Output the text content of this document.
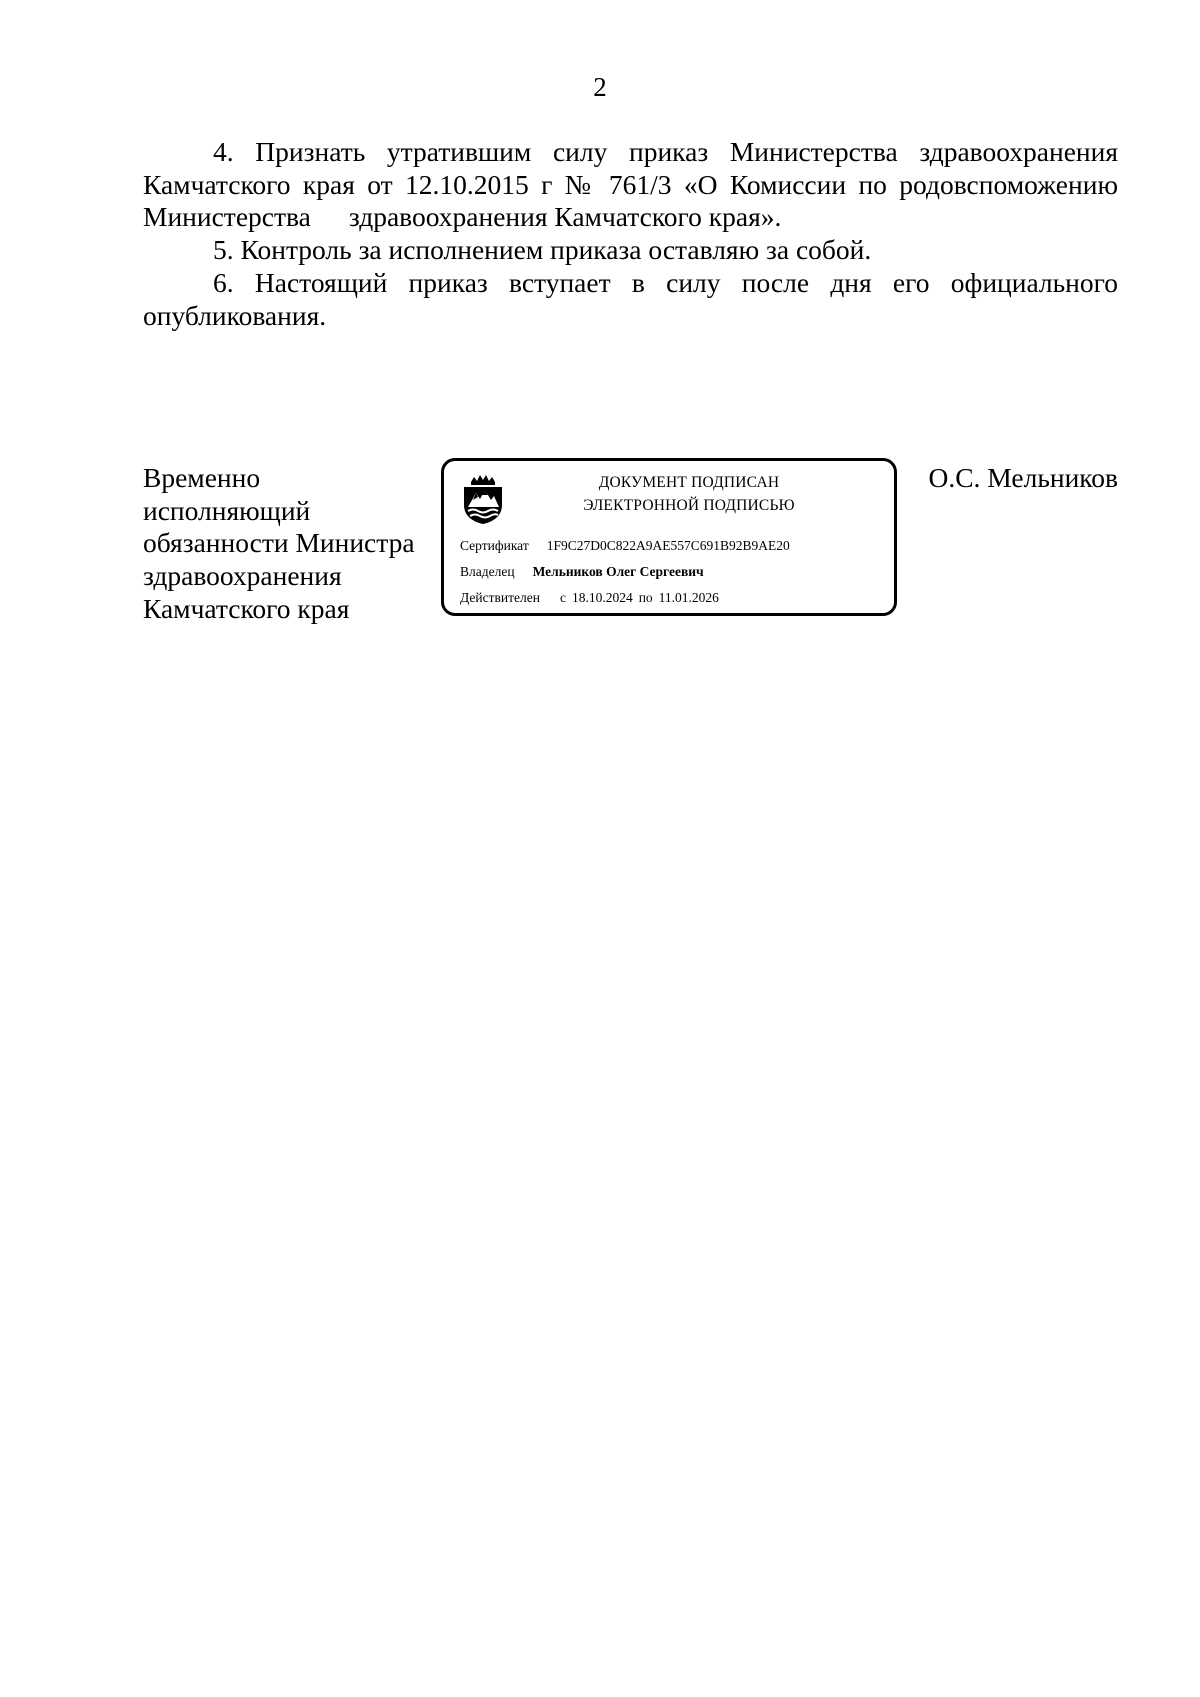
2

4. Признать утратившим силу приказ Министерства здравоохранения
Камчатского края от 12.10.2015 г № 761/3 «О Комиссии по родовспоможению
Министерства здравоохранения Камчатского края».

5. Контроль за исполнением приказа оставляю за собой.

6. Настоящий приказ вступает в силу после дня его официального
опубликования.

Временно
исполняющий
обязанности Министра
здравоохранения
Камчатского края
ДОКУМЕНТ ПОДПИСАН
ЭЛЕКТРОННОЙ ПОДПИСЬЮ
Сертификат 1F9C27D0C822A9AE557C691B92B9AE20
Владелец Мельников Олег Сергеевич
Действителен с 18.10.2024 по 11.01.2026
О.С. Мельников
